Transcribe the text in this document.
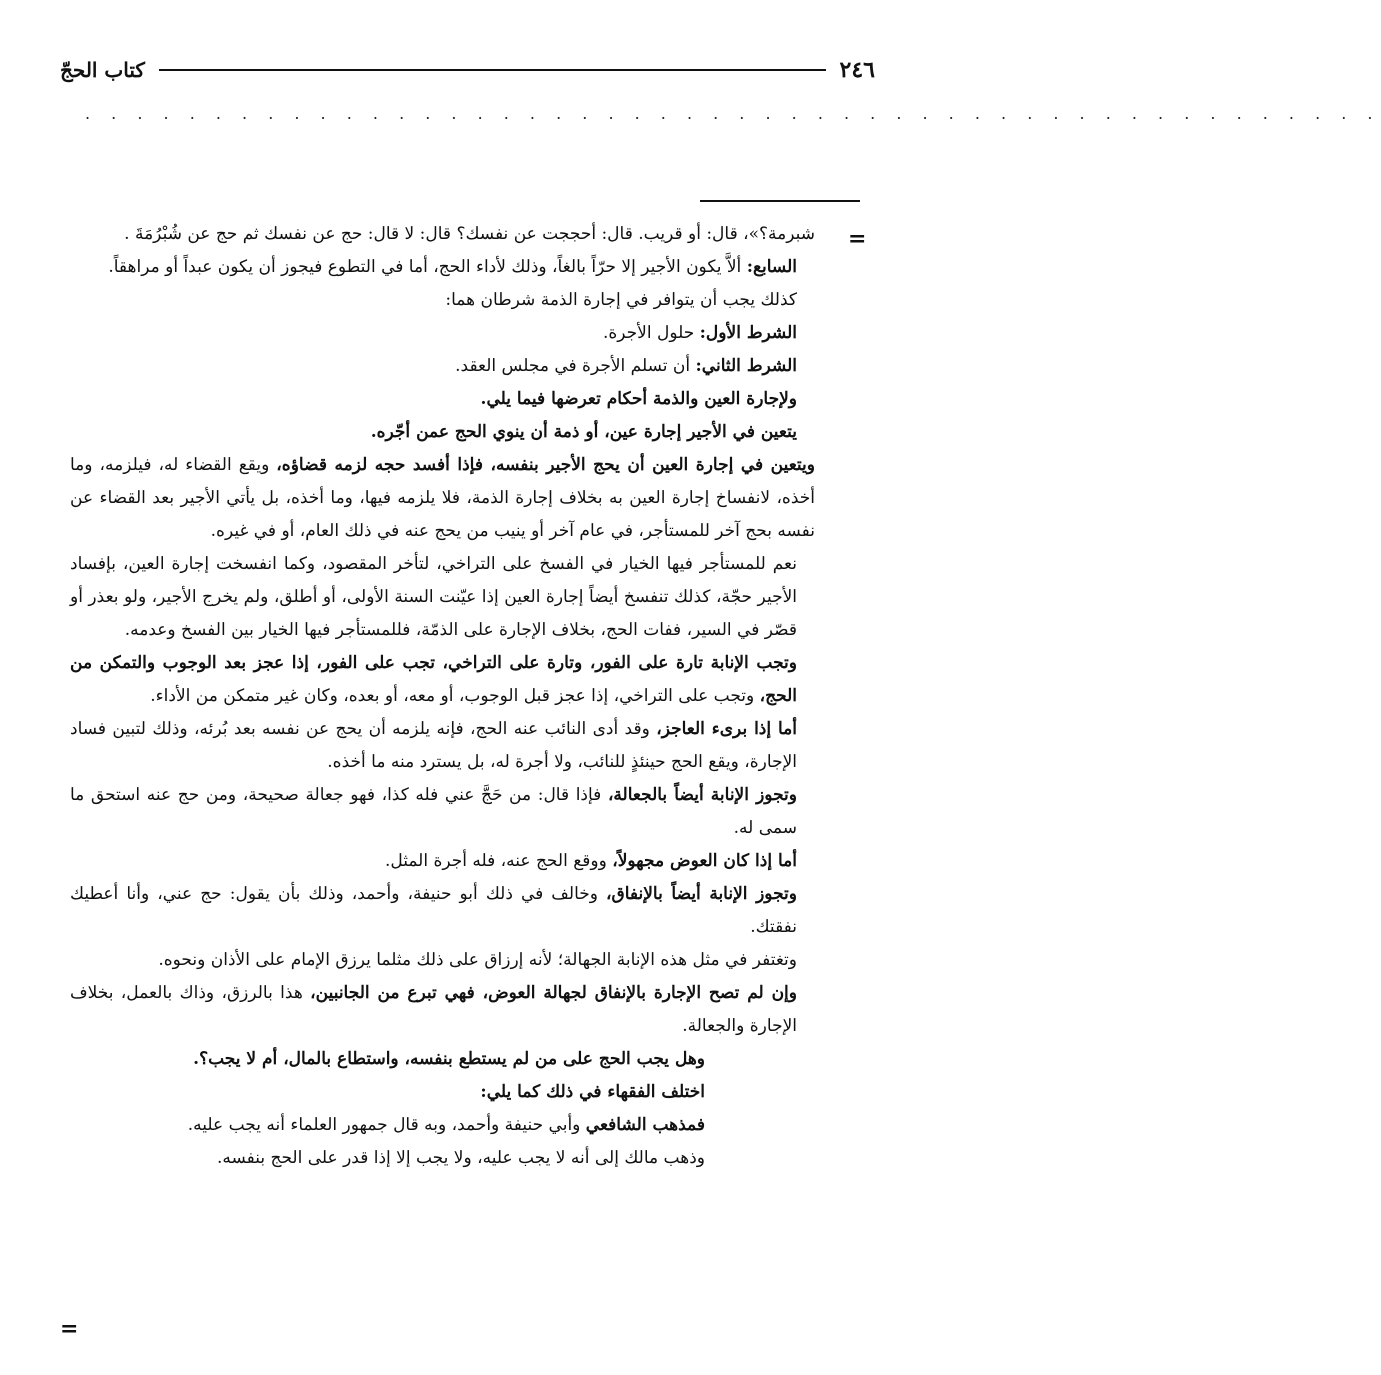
٢٤٦
كتاب الحجّ
. . . . . . . . . . . . . . . . . . . . . . . . . . . . . . . . . . . . . . . . . . . . . . . . . .
=
=

شبرمة؟»، قال: أو قريب. قال: أحججت عن نفسك؟ قال: لا قال: حج عن نفسك ثم حج عن شُبْرُمَةَ .

السابع: ألاَّ يكون الأجير إلا حرّاً بالغاً، وذلك لأداء الحج، أما في التطوع فيجوز أن يكون عبداً أو مراهقاً.

كذلك يجب أن يتوافر في إجارة الذمة شرطان هما:

الشرط الأول: حلول الأجرة.

الشرط الثاني: أن تسلم الأجرة في مجلس العقد.

ولإجارة العين والذمة أحكام تعرضها فيما يلي.

يتعين في الأجير إجارة عين، أو ذمة أن ينوي الحج عمن أجّره.

ويتعين في إجارة العين أن يحج الأجير بنفسه، فإذا أفسد حجه لزمه قضاؤه، ويقع القضاء له، فيلزمه، وما أخذه، لانفساخ إجارة العين به بخلاف إجارة الذمة، فلا يلزمه فيها، وما أخذه، بل يأتي الأجير بعد القضاء عن نفسه بحج آخر للمستأجر، في عام آخر أو ينيب من يحج عنه في ذلك العام، أو في غيره.

نعم للمستأجر فيها الخيار في الفسخ على التراخي، لتأخر المقصود، وكما انفسخت إجارة العين، بإفساد الأجير حجّة، كذلك تنفسخ أيضاً إجارة العين إذا عيّنت السنة الأولى، أو أطلق، ولم يخرج الأجير، ولو بعذر أو قصّر في السير، ففات الحج، بخلاف الإجارة على الذمّة، فللمستأجر فيها الخيار بين الفسخ وعدمه.

وتجب الإنابة تارة على الفور، وتارة على التراخي، تجب على الفور، إذا عجز بعد الوجوب والتمكن من الحج، وتجب على التراخي، إذا عجز قبل الوجوب، أو معه، أو بعده، وكان غير متمكن من الأداء.

أما إذا برىء العاجز، وقد أدى النائب عنه الحج، فإنه يلزمه أن يحج عن نفسه بعد بُرئه، وذلك لتبين فساد الإجارة، ويقع الحج حينئذٍ للنائب، ولا أجرة له، بل يسترد منه ما أخذه.

وتجوز الإنابة أيضاً بالجعالة، فإذا قال: من حَجَّ عني فله كذا، فهو جعالة صحيحة، ومن حج عنه استحق ما سمى له.

أما إذا كان العوض مجهولاً، ووقع الحج عنه، فله أجرة المثل.

وتجوز الإنابة أيضاً بالإنفاق، وخالف في ذلك أبو حنيفة، وأحمد، وذلك بأن يقول: حج عني، وأنا أعطيك نفقتك.

وتغتفر في مثل هذه الإنابة الجهالة؛ لأنه إرزاق على ذلك مثلما يرزق الإمام على الأذان ونحوه.

وإن لم تصح الإجارة بالإنفاق لجهالة العوض، فهي تبرع من الجانبين، هذا بالرزق، وذاك بالعمل، بخلاف الإجارة والجعالة.

وهل يجب الحج على من لم يستطع بنفسه، واستطاع بالمال، أم لا يجب؟.

اختلف الفقهاء في ذلك كما يلي:

فمذهب الشافعي وأبي حنيفة وأحمد، وبه قال جمهور العلماء أنه يجب عليه.

وذهب مالك إلى أنه لا يجب عليه، ولا يجب إلا إذا قدر على الحج بنفسه.
